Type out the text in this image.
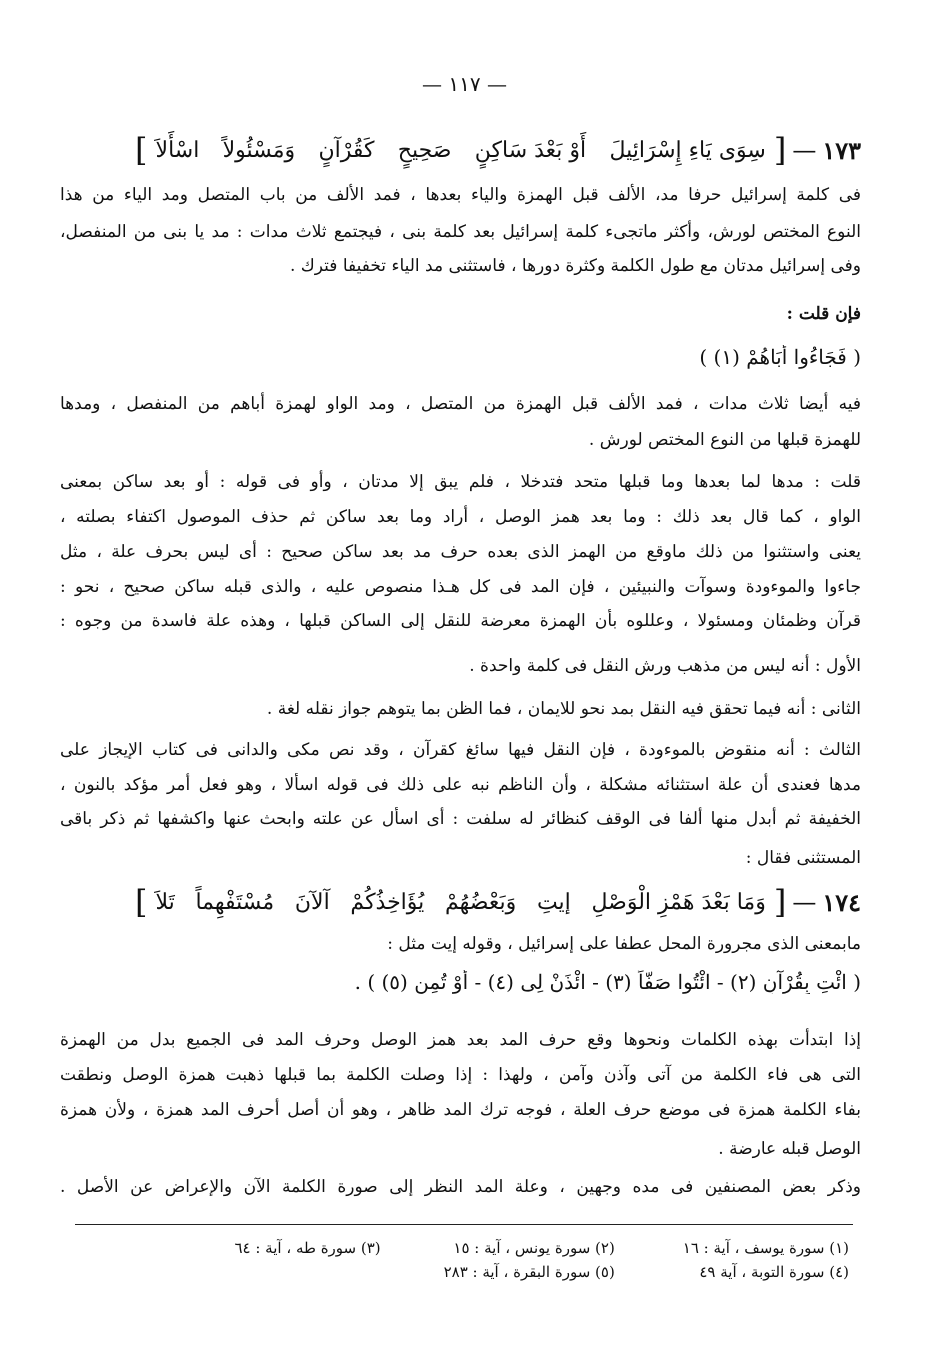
— ١١٧ —
١٧٣
—
[
سِوَى يَاءِ إِسْرَائِيلَ
أَوْ بَعْدَ سَاكِنٍ
صَحِيحٍ
كَقُرْآنٍ
وَمَسْئُولاً
اسْأَلاَ
]
فى كلمة إسرائيل حرفا مد، الألف قبل الهمزة والياء بعدها ، فمد الألف من باب المتصل ومد الياء من هذا
النوع المختص لورش، وأكثر ماتجىء كلمة إسرائيل بعد كلمة بنى ، فيجتمع ثلاث مدات : مد يا بنى من المنفصل،
وفى إسرائيل مدتان مع طول الكلمة وكثرة دورها ، فاستثنى مد الياء تخفيفا فترك .
فإن قلت :
( فَجَاءُوا أَبَاهُمْ (١) )
فيه أيضا ثلاث مدات ، فمد الألف قبل الهمزة من المتصل ، ومد الواو لهمزة أباهم من المنفصل ، ومدها
للهمزة قبلها من النوع المختص لورش .
قلت : مدها لما بعدها وما قبلها متحد فتدخلا ، فلم يبق إلا مدتان ، وأو فى قوله : أو بعد ساكن بمعنى
الواو ، كما قال بعد ذلك : وما بعد همز الوصل ، أراد وما بعد ساكن ثم حذف الموصول اكتفاء بصلته ،
يعنى واستثنوا من ذلك ماوقع من الهمز الذى بعده حرف مد بعد ساكن صحيح : أى ليس بحرف علة ، مثل
جاءوا والموءودة وسوآت والنبيئين ، فإن المد فى كل هـذا منصوص عليه ، والذى قبله ساكن صحيح ، نحو :
قرآن وظمئان ومسئولا ، وعللوه بأن الهمزة معرضة للنقل إلى الساكن قبلها ، وهذه علة فاسدة من وجوه :
الأول : أنه ليس من مذهب ورش النقل فى كلمة واحدة .
الثانى : أنه فيما تحقق فيه النقل بمد نحو للايمان ، فما الظن بما يتوهم جواز نقله لغة .
الثالث : أنه منقوض بالموءودة ، فإن النقل فيها سائغ كقرآن ، وقد نص مكى والدانى فى كتاب الإيجاز على
مدها فعندى أن علة استثنائه مشكلة ، وأن الناظم نبه على ذلك فى قوله اسألا ، وهو فعل أمر مؤكد بالنون ،
الخفيفة ثم أبدل منها ألفا فى الوقف كنظائر له سلفت : أى اسأل عن علته وابحث عنها واكشفها ثم ذكر باقى
المستثنى فقال :
١٧٤
—
[
وَمَا بَعْدَ هَمْزِ الْوَصْلِ
إيتِ
وَبَعْضُهُمْ
يُؤَاخِذُكُمْ
آلآنَ
مُسْتَفْهِماً
تَلاَ
]
مابمعنى الذى مجرورة المحل عطفا على إسرائيل ، وقوله إيت مثل :
( ائْتِ بِقُرْآنٍ (٢) - ائْتُوا صَفّاً (٣) - ائْذَنْ لِى (٤) - أَوْ تُمِن (٥) ) .
إذا ابتدأت بهذه الكلمات ونحوها وقع حرف المد بعد همز الوصل وحرف المد فى الجميع بدل من الهمزة
التى هى فاء الكلمة من آتى وآذن وآمن ، ولهذا : إذا وصلت الكلمة بما قبلها ذهبت همزة الوصل ونطقت
بفاء الكلمة همزة فى موضع حرف العلة ، فوجه ترك المد ظاهر ، وهو أن أصل أحرف المد همزة ، ولأن همزة
الوصل قبله عارضة .
وذكر بعض المصنفين فى مده وجهين ، وعلة المد النظر إلى صورة الكلمة الآن والإعراض عن الأصل .
(١) سورة يوسف ، آية : ١٦
(٢) سورة يونس ، آية : ١٥
(٣) سورة طه ، آية : ٦٤
(٤) سورة التوبة ، آية ٤٩
(٥) سورة البقرة ، آية : ٢٨٣
